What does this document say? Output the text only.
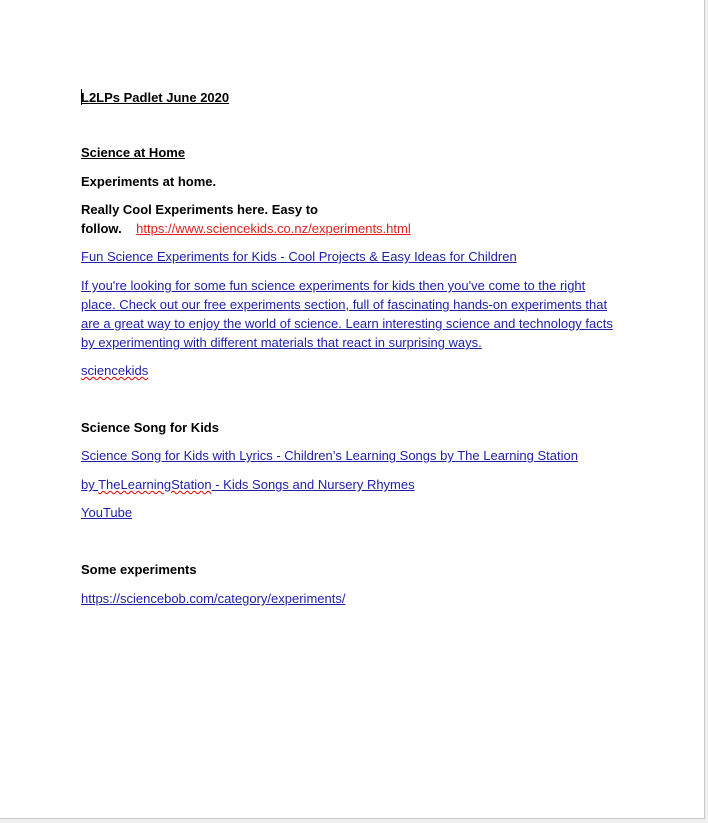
L2LPs Padlet June 2020
Science at Home
Experiments at home.
Really Cool Experiments here. Easy to
follow. https://www.sciencekids.co.nz/experiments.html
Fun Science Experiments for Kids - Cool Projects & Easy Ideas for Children
If you're looking for some fun science experiments for kids then you've come to the right place. Check out our free experiments section, full of fascinating hands-on experiments that are a great way to enjoy the world of science. Learn interesting science and technology facts by experimenting with different materials that react in surprising ways.
sciencekids
Science Song for Kids
Science Song for Kids with Lyrics - Children’s Learning Songs by The Learning Station
by TheLearningStation - Kids Songs and Nursery Rhymes
YouTube
Some experiments
https://sciencebob.com/category/experiments/
